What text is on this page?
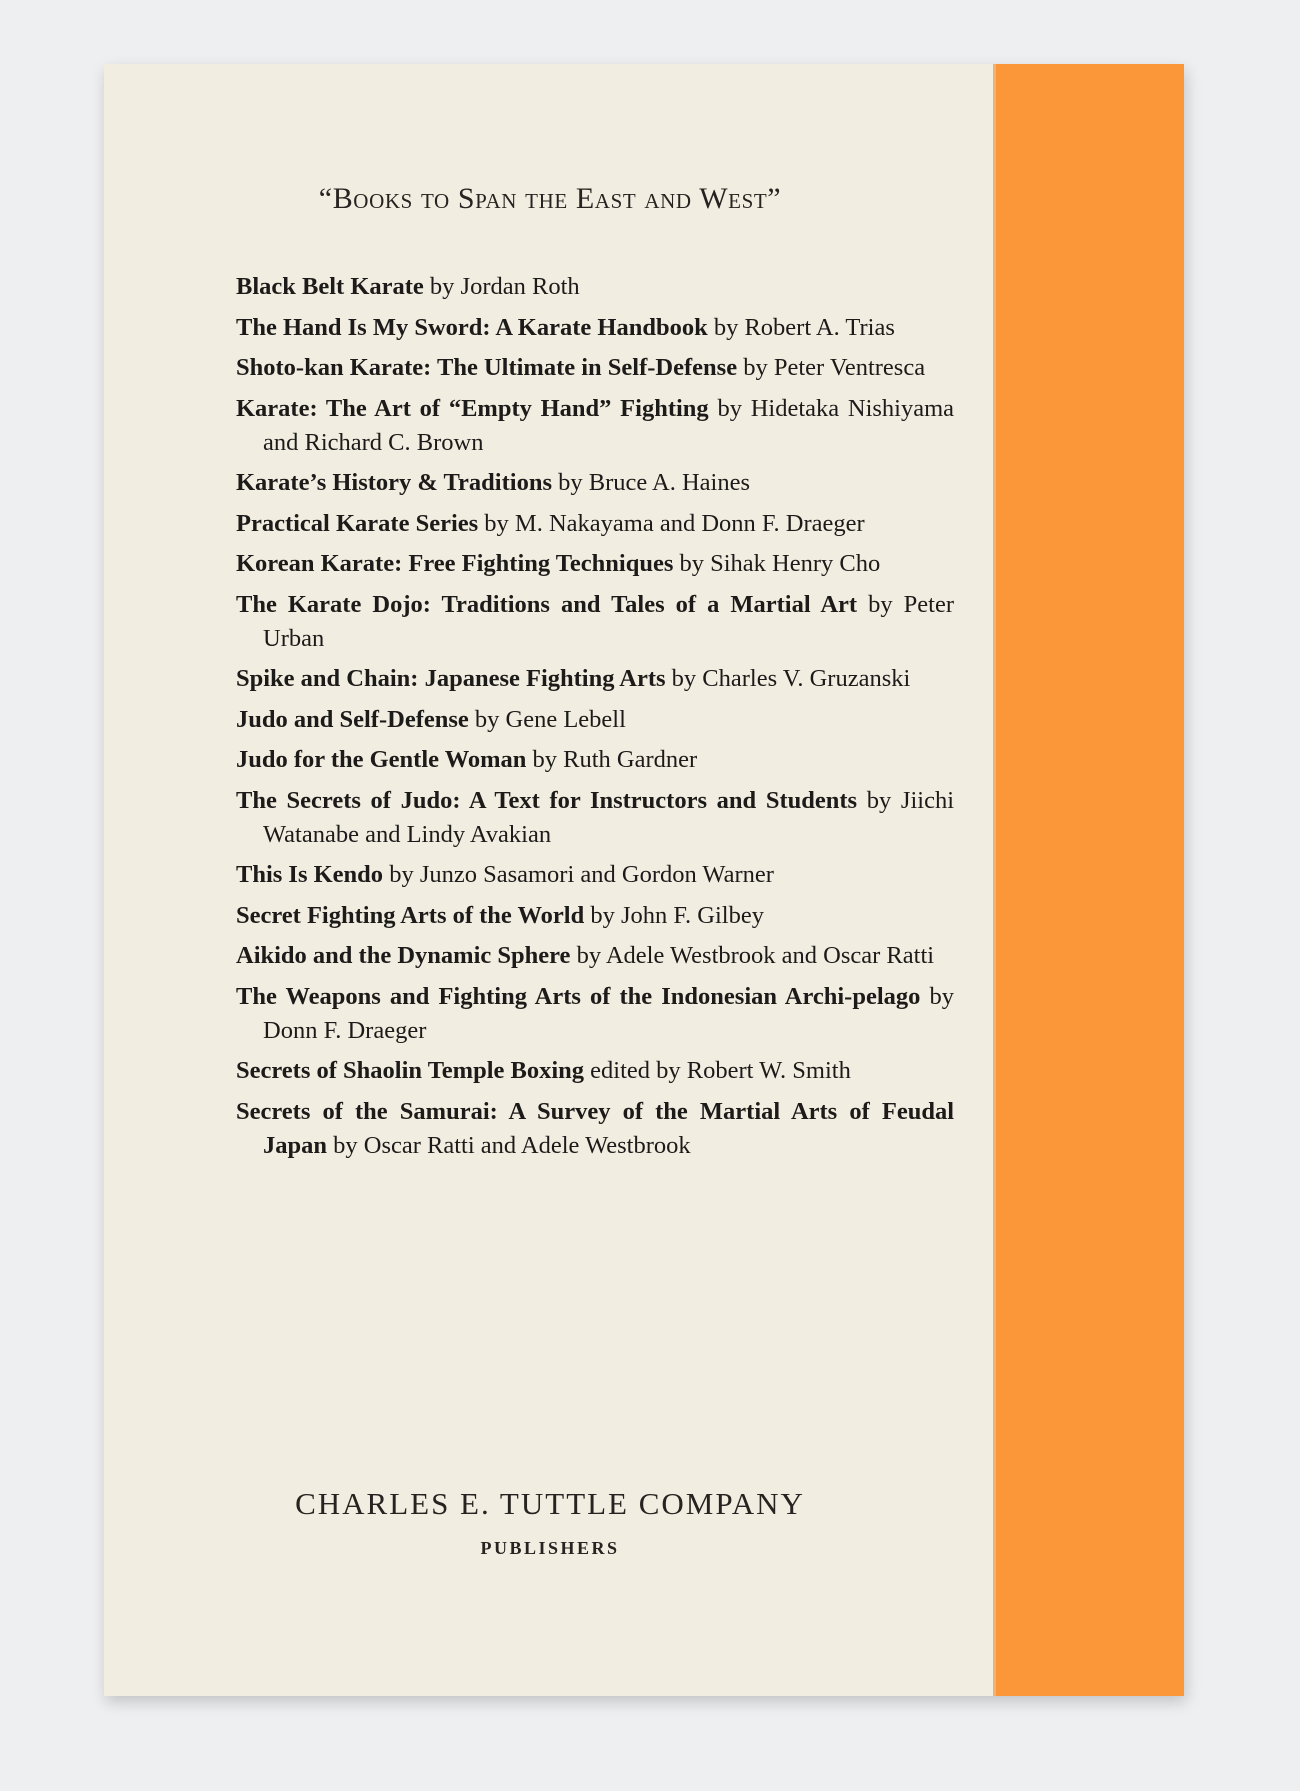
“Books to Span the East and West”
Black Belt Karate by Jordan Roth
The Hand Is My Sword: A Karate Handbook by Robert A. Trias
Shoto-kan Karate: The Ultimate in Self-Defense by Peter Ventresca
Karate: The Art of “Empty Hand” Fighting by Hidetaka Nishiyama and Richard C. Brown
Karate’s History & Traditions by Bruce A. Haines
Practical Karate Series by M. Nakayama and Donn F. Draeger
Korean Karate: Free Fighting Techniques by Sihak Henry Cho
The Karate Dojo: Traditions and Tales of a Martial Art by Peter Urban
Spike and Chain: Japanese Fighting Arts by Charles V. Gruzanski
Judo and Self-Defense by Gene Lebell
Judo for the Gentle Woman by Ruth Gardner
The Secrets of Judo: A Text for Instructors and Students by Jiichi Watanabe and Lindy Avakian
This Is Kendo by Junzo Sasamori and Gordon Warner
Secret Fighting Arts of the World by John F. Gilbey
Aikido and the Dynamic Sphere by Adele Westbrook and Oscar Ratti
The Weapons and Fighting Arts of the Indonesian Archi-pelago by Donn F. Draeger
Secrets of Shaolin Temple Boxing edited by Robert W. Smith
Secrets of the Samurai: A Survey of the Martial Arts of Feudal Japan by Oscar Ratti and Adele Westbrook
CHARLES E. TUTTLE COMPANY
PUBLISHERS
